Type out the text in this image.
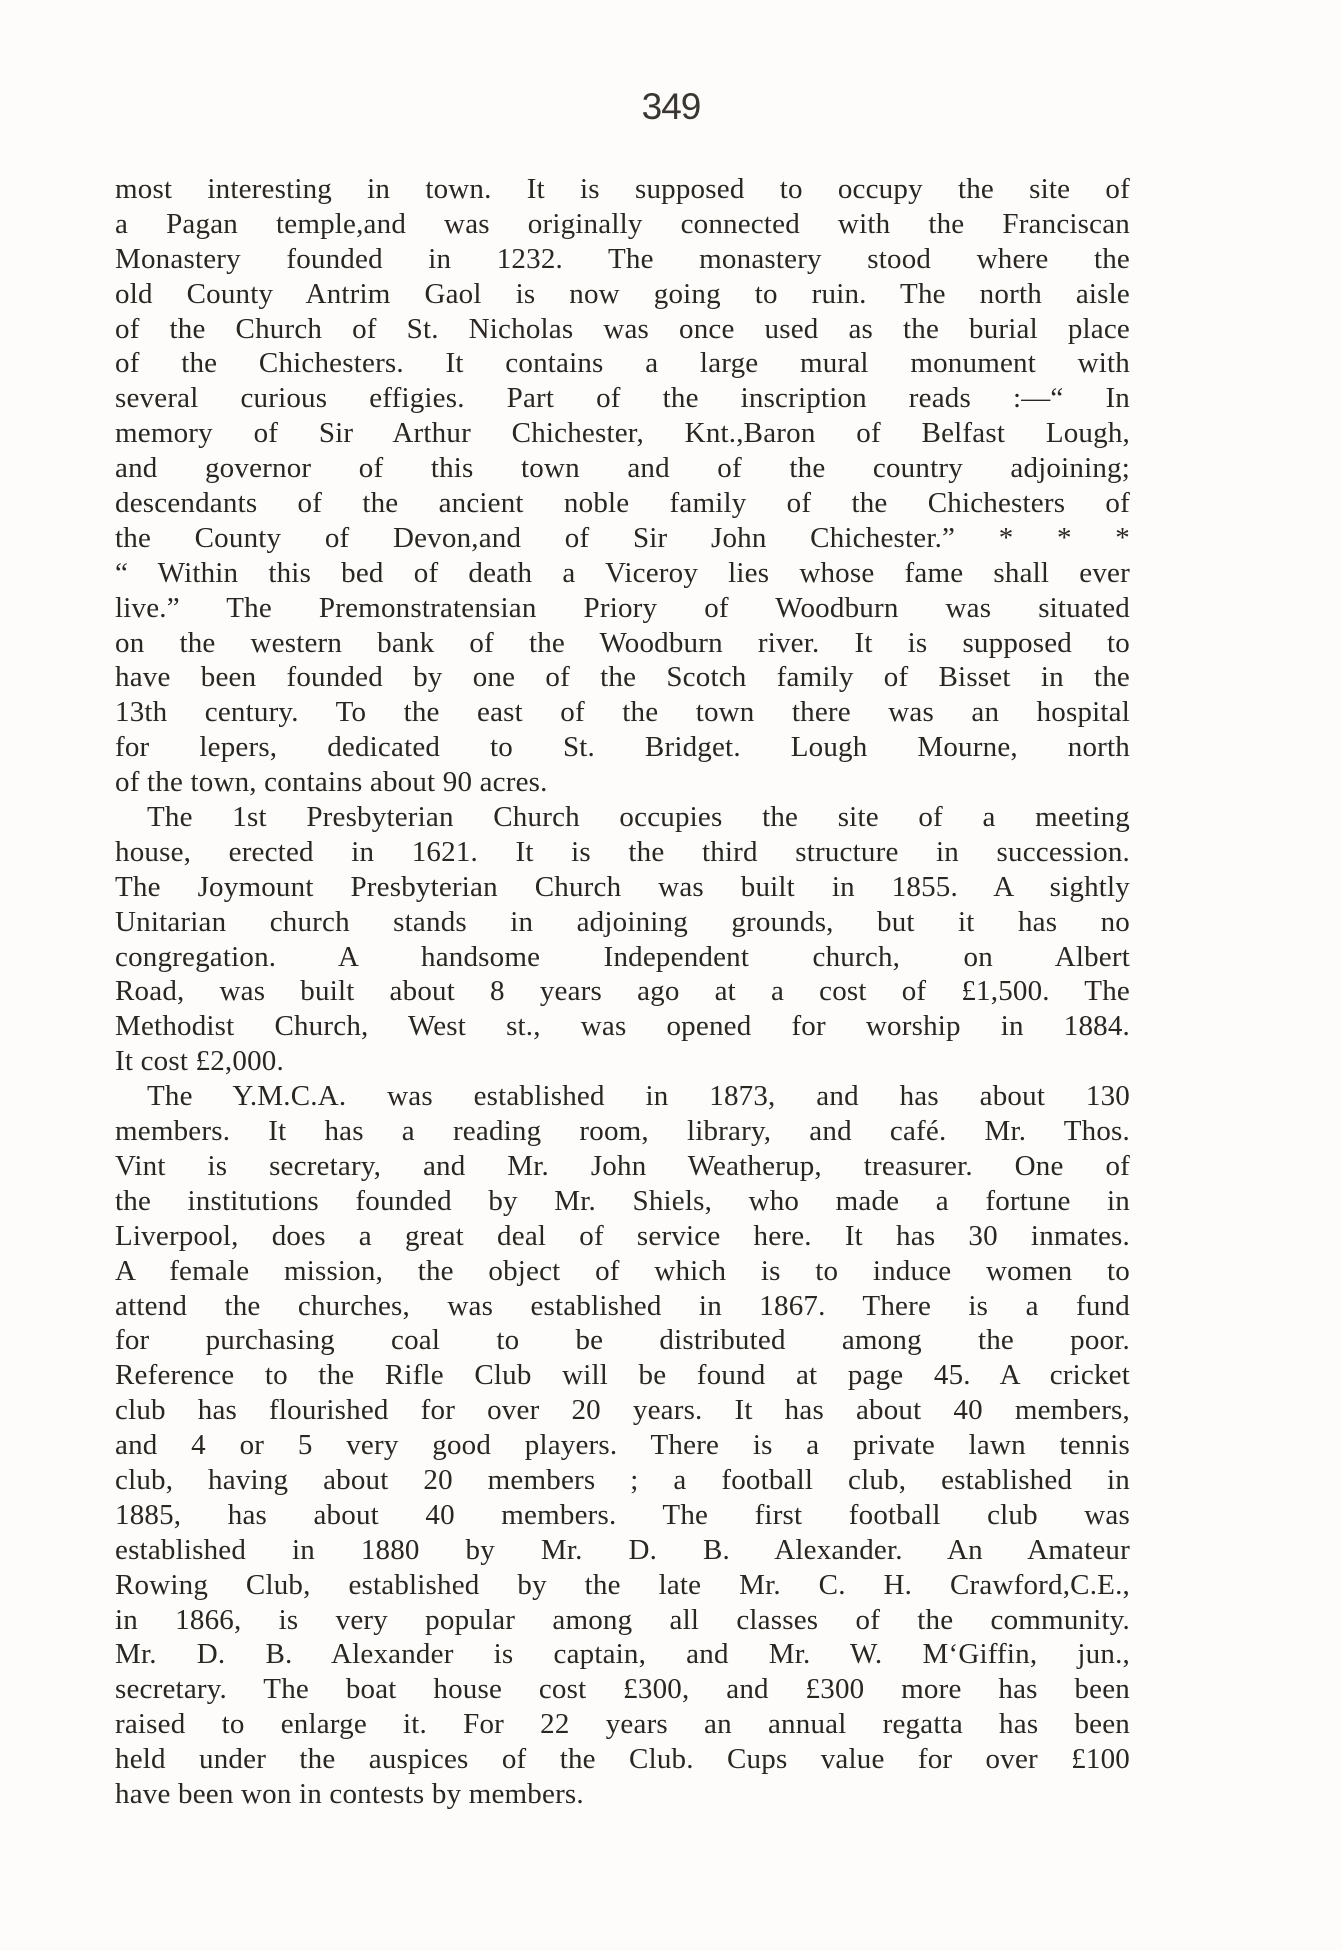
349
most interesting in town. It is supposed to occupy the site of
a Pagan temple,and was originally connected with the Franciscan
Monastery founded in 1232. The monastery stood where the
old County Antrim Gaol is now going to ruin. The north aisle
of the Church of St. Nicholas was once used as the burial place
of the Chichesters. It contains a large mural monument with
several curious effigies. Part of the inscription reads :—“ In
memory of Sir Arthur Chichester, Knt.,Baron of Belfast Lough,
and governor of this town and of the country adjoining;
descendants of the ancient noble family of the Chichesters of
the County of Devon,and of Sir John Chichester.” * * *
“ Within this bed of death a Viceroy lies whose fame shall ever
live.” The Premonstratensian Priory of Woodburn was situated
on the western bank of the Woodburn river. It is supposed to
have been founded by one of the Scotch family of Bisset in the
13th century. To the east of the town there was an hospital
for lepers, dedicated to St. Bridget. Lough Mourne, north
of the town, contains about 90 acres.
The 1st Presbyterian Church occupies the site of a meeting
house, erected in 1621. It is the third structure in succession.
The Joymount Presbyterian Church was built in 1855. A sightly
Unitarian church stands in adjoining grounds, but it has no
congregation. A handsome Independent church, on Albert
Road, was built about 8 years ago at a cost of £1,500. The
Methodist Church, West st., was opened for worship in 1884.
It cost £2,000.
The Y.M.C.A. was established in 1873, and has about 130
members. It has a reading room, library, and café. Mr. Thos.
Vint is secretary, and Mr. John Weatherup, treasurer. One of
the institutions founded by Mr. Shiels, who made a fortune in
Liverpool, does a great deal of service here. It has 30 inmates.
A female mission, the object of which is to induce women to
attend the churches, was established in 1867. There is a fund
for purchasing coal to be distributed among the poor.
Reference to the Rifle Club will be found at page 45. A cricket
club has flourished for over 20 years. It has about 40 members,
and 4 or 5 very good players. There is a private lawn tennis
club, having about 20 members ; a football club, established in
1885, has about 40 members. The first football club was
established in 1880 by Mr. D. B. Alexander. An Amateur
Rowing Club, established by the late Mr. C. H. Crawford,C.E.,
in 1866, is very popular among all classes of the community.
Mr. D. B. Alexander is captain, and Mr. W. M‘Giffin, jun.,
secretary. The boat house cost £300, and £300 more has been
raised to enlarge it. For 22 years an annual regatta has been
held under the auspices of the Club. Cups value for over £100
have been won in contests by members.
